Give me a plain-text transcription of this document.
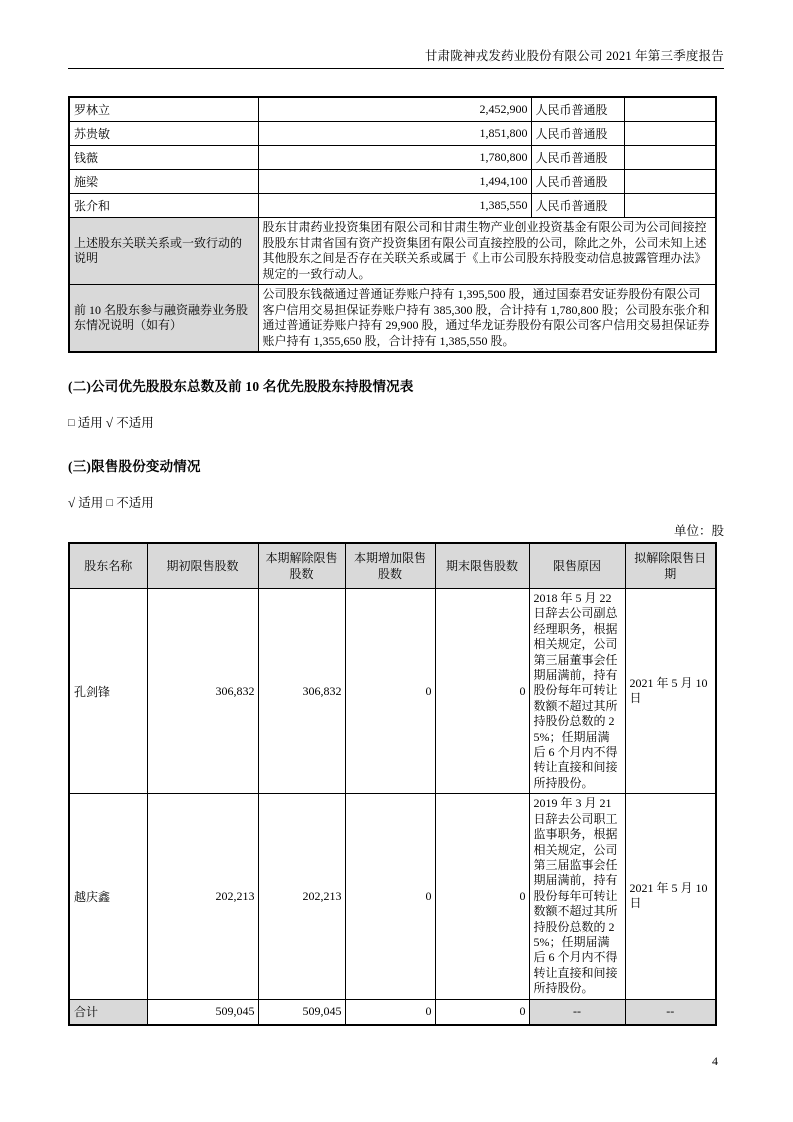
甘肃陇神戎发药业股份有限公司 2021 年第三季度报告
罗林立	2,452,900	人民币普通股	
苏贵敏	1,851,800	人民币普通股	
钱薇	1,780,800	人民币普通股	
施梁	1,494,100	人民币普通股	
张介和	1,385,550	人民币普通股	
上述股东关联关系或一致行动的说明	股东甘肃药业投资集团有限公司和甘肃生物产业创业投资基金有限公司为公司间接控股股东甘肃省国有资产投资集团有限公司直接控股的公司，除此之外，公司未知上述其他股东之间是否存在关联关系或属于《上市公司股东持股变动信息披露管理办法》规定的一致行动人。		
前 10 名股东参与融资融券业务股东情况说明（如有）	公司股东钱薇通过普通证券账户持有 1,395,500 股，通过国泰君安证券股份有限公司客户信用交易担保证券账户持有 385,300 股，合计持有 1,780,800 股；公司股东张介和通过普通证券账户持有 29,900 股，通过华龙证券股份有限公司客户信用交易担保证券账户持有 1,355,650 股，合计持有 1,385,550 股。		
(二)公司优先股股东总数及前 10 名优先股股东持股情况表
□ 适用 √ 不适用
(三)限售股份变动情况
√ 适用 □ 不适用
单位：股
股东名称	期初限售股数	本期解除限售股数	本期增加限售股数	期末限售股数	限售原因	拟解除限售日期
孔剑锋	306,832	306,832	0	0	2018 年 5 月 22 日辞去公司副总经理职务，根据相关规定，公司第三届董事会任期届满前，持有股份每年可转让数额不超过其所持股份总数的 25%；任期届满后 6 个月内不得转让直接和间接所持股份。	2021 年 5 月 10 日
越庆鑫	202,213	202,213	0	0	2019 年 3 月 21 日辞去公司职工监事职务，根据相关规定，公司第三届监事会任期届满前，持有股份每年可转让数额不超过其所持股份总数的 25%；任期届满后 6 个月内不得转让直接和间接所持股份。	2021 年 5 月 10 日
合计	509,045	509,045	0	0	--	--
4
